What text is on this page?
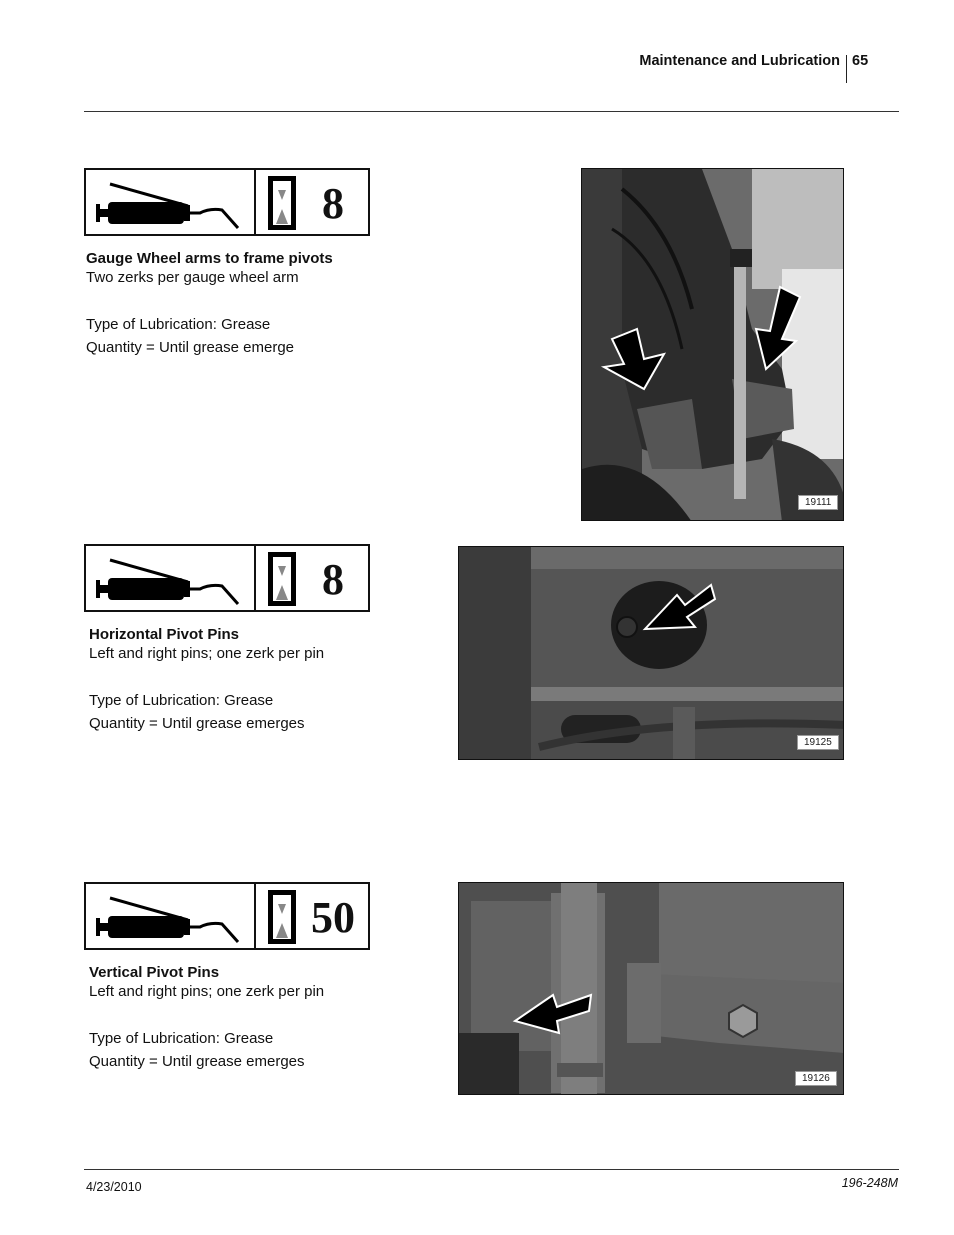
Maintenance and Lubrication 65
8
Gauge Wheel arms to frame pivots
Two zerks per gauge wheel arm
Type of Lubrication: Grease
Quantity = Until grease emerge
19111
8
Horizontal Pivot Pins
Left and right pins; one zerk per pin
Type of Lubrication: Grease
Quantity = Until grease emerges
19125
50
Vertical Pivot Pins
Left and right pins; one zerk per pin
Type of Lubrication: Grease
Quantity = Until grease emerges
19126
4/23/2010	196-248M
